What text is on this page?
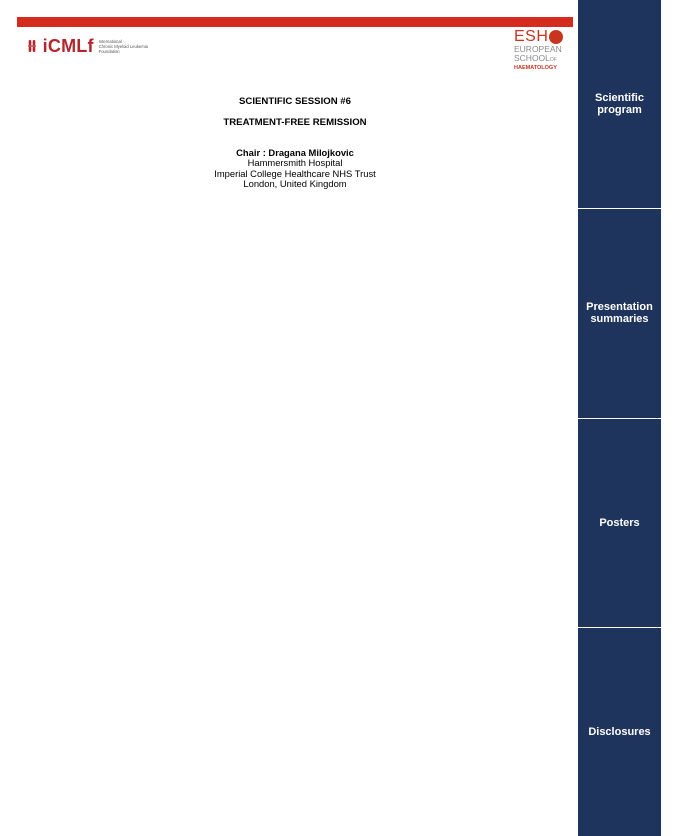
iCMLf International
Chronic Myeloid Leukemia
Foundation
ESH
EUROPEAN
SCHOOLOF
HAEMATOLOGY
SCIENTIFIC SESSION #6
TREATMENT-FREE REMISSION
Chair : Dragana Milojkovic
Hammersmith Hospital
Imperial College Healthcare NHS Trust
London, United Kingdom
Scientific
program
Presentation
summaries
Posters
Disclosures
